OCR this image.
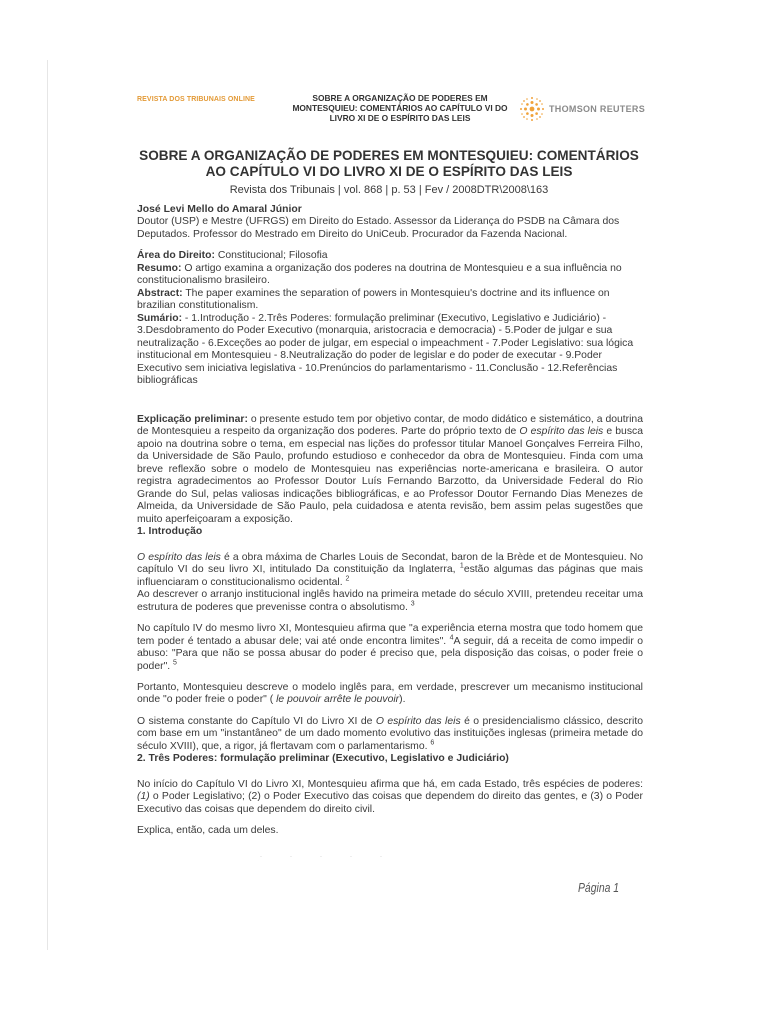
REVISTA DOS TRIBUNAIS ONLINE	SOBRE A ORGANIZAÇÃO DE PODERES EM MONTESQUIEU: COMENTÁRIOS AO CAPÍTULO VI DO LIVRO XI DE O ESPÍRITO DAS LEIS
THOMSON REUTERS
SOBRE A ORGANIZAÇÃO DE PODERES EM MONTESQUIEU: COMENTÁRIOS AO CAPÍTULO VI DO LIVRO XI DE O ESPÍRITO DAS LEIS
Revista dos Tribunais | vol. 868 | p. 53 | Fev / 2008DTR\2008\163

José Levi Mello do Amaral Júnior

Doutor (USP) e Mestre (UFRGS) em Direito do Estado. Assessor da Liderança do PSDB na Câmara dos Deputados. Professor do Mestrado em Direito do UniCeub. Procurador da Fazenda Nacional.

Área do Direito: Constitucional; Filosofia

Resumo: O artigo examina a organização dos poderes na doutrina de Montesquieu e a sua influência no constitucionalismo brasileiro.

Abstract: The paper examines the separation of powers in Montesquieu's doctrine and its influence on brazilian constitutionalism.

Sumário: - 1.Introdução - 2.Três Poderes: formulação preliminar (Executivo, Legislativo e Judiciário) - 3.Desdobramento do Poder Executivo (monarquia, aristocracia e democracia) - 5.Poder de julgar e sua neutralização - 6.Exceções ao poder de julgar, em especial o impeachment - 7.Poder Legislativo: sua lógica institucional em Montesquieu - 8.Neutralização do poder de legislar e do poder de executar - 9.Poder Executivo sem iniciativa legislativa - 10.Prenúncios do parlamentarismo - 11.Conclusão - 12.Referências bibliográficas

Explicação preliminar: o presente estudo tem por objetivo contar, de modo didático e sistemático, a doutrina de Montesquieu a respeito da organização dos poderes. Parte do próprio texto de O espírito das leis e busca apoio na doutrina sobre o tema, em especial nas lições do professor titular Manoel Gonçalves Ferreira Filho, da Universidade de São Paulo, profundo estudioso e conhecedor da obra de Montesquieu. Finda com uma breve reflexão sobre o modelo de Montesquieu nas experiências norte-americana e brasileira. O autor registra agradecimentos ao Professor Doutor Luís Fernando Barzotto, da Universidade Federal do Rio Grande do Sul, pelas valiosas indicações bibliográficas, e ao Professor Doutor Fernando Dias Menezes de Almeida, da Universidade de São Paulo, pela cuidadosa e atenta revisão, bem assim pelas sugestões que muito aperfeiçoaram a exposição.

1. Introdução

O espírito das leis é a obra máxima de Charles Louis de Secondat, baron de la Brède et de Montesquieu. No capítulo VI do seu livro XI, intitulado Da constituição da Inglaterra, $^1$estão algumas das páginas que mais influenciaram o constitucionalismo ocidental. $^2$

Ao descrever o arranjo institucional inglês havido na primeira metade do século XVIII, pretendeu receitar uma estrutura de poderes que prevenisse contra o absolutismo. $^3$

No capítulo IV do mesmo livro XI, Montesquieu afirma que "a experiência eterna mostra que todo homem que tem poder é tentado a abusar dele; vai até onde encontra limites". $^4$A seguir, dá a receita de como impedir o abuso: "Para que não se possa abusar do poder é preciso que, pela disposição das coisas, o poder freie o poder". $^5$

Portanto, Montesquieu descreve o modelo inglês para, em verdade, prescrever um mecanismo institucional onde "o poder freie o poder" ( le pouvoir arrête le pouvoir).

O sistema constante do Capítulo VI do Livro XI de O espírito das leis é o presidencialismo clássico, descrito com base em um "instantâneo" de um dado momento evolutivo das instituições inglesas (primeira metade do século XVIII), que, a rigor, já flertavam com o parlamentarismo. $^6$

2. Três Poderes: formulação preliminar (Executivo, Legislativo e Judiciário)

No início do Capítulo VI do Livro XI, Montesquieu afirma que há, em cada Estado, três espécies de poderes: (1) o Poder Legislativo; (2) o Poder Executivo das coisas que dependem do direito das gentes, e (3) o Poder Executivo das coisas que dependem do direito civil.

Explica, então, cada um deles.

·····
Página 1
